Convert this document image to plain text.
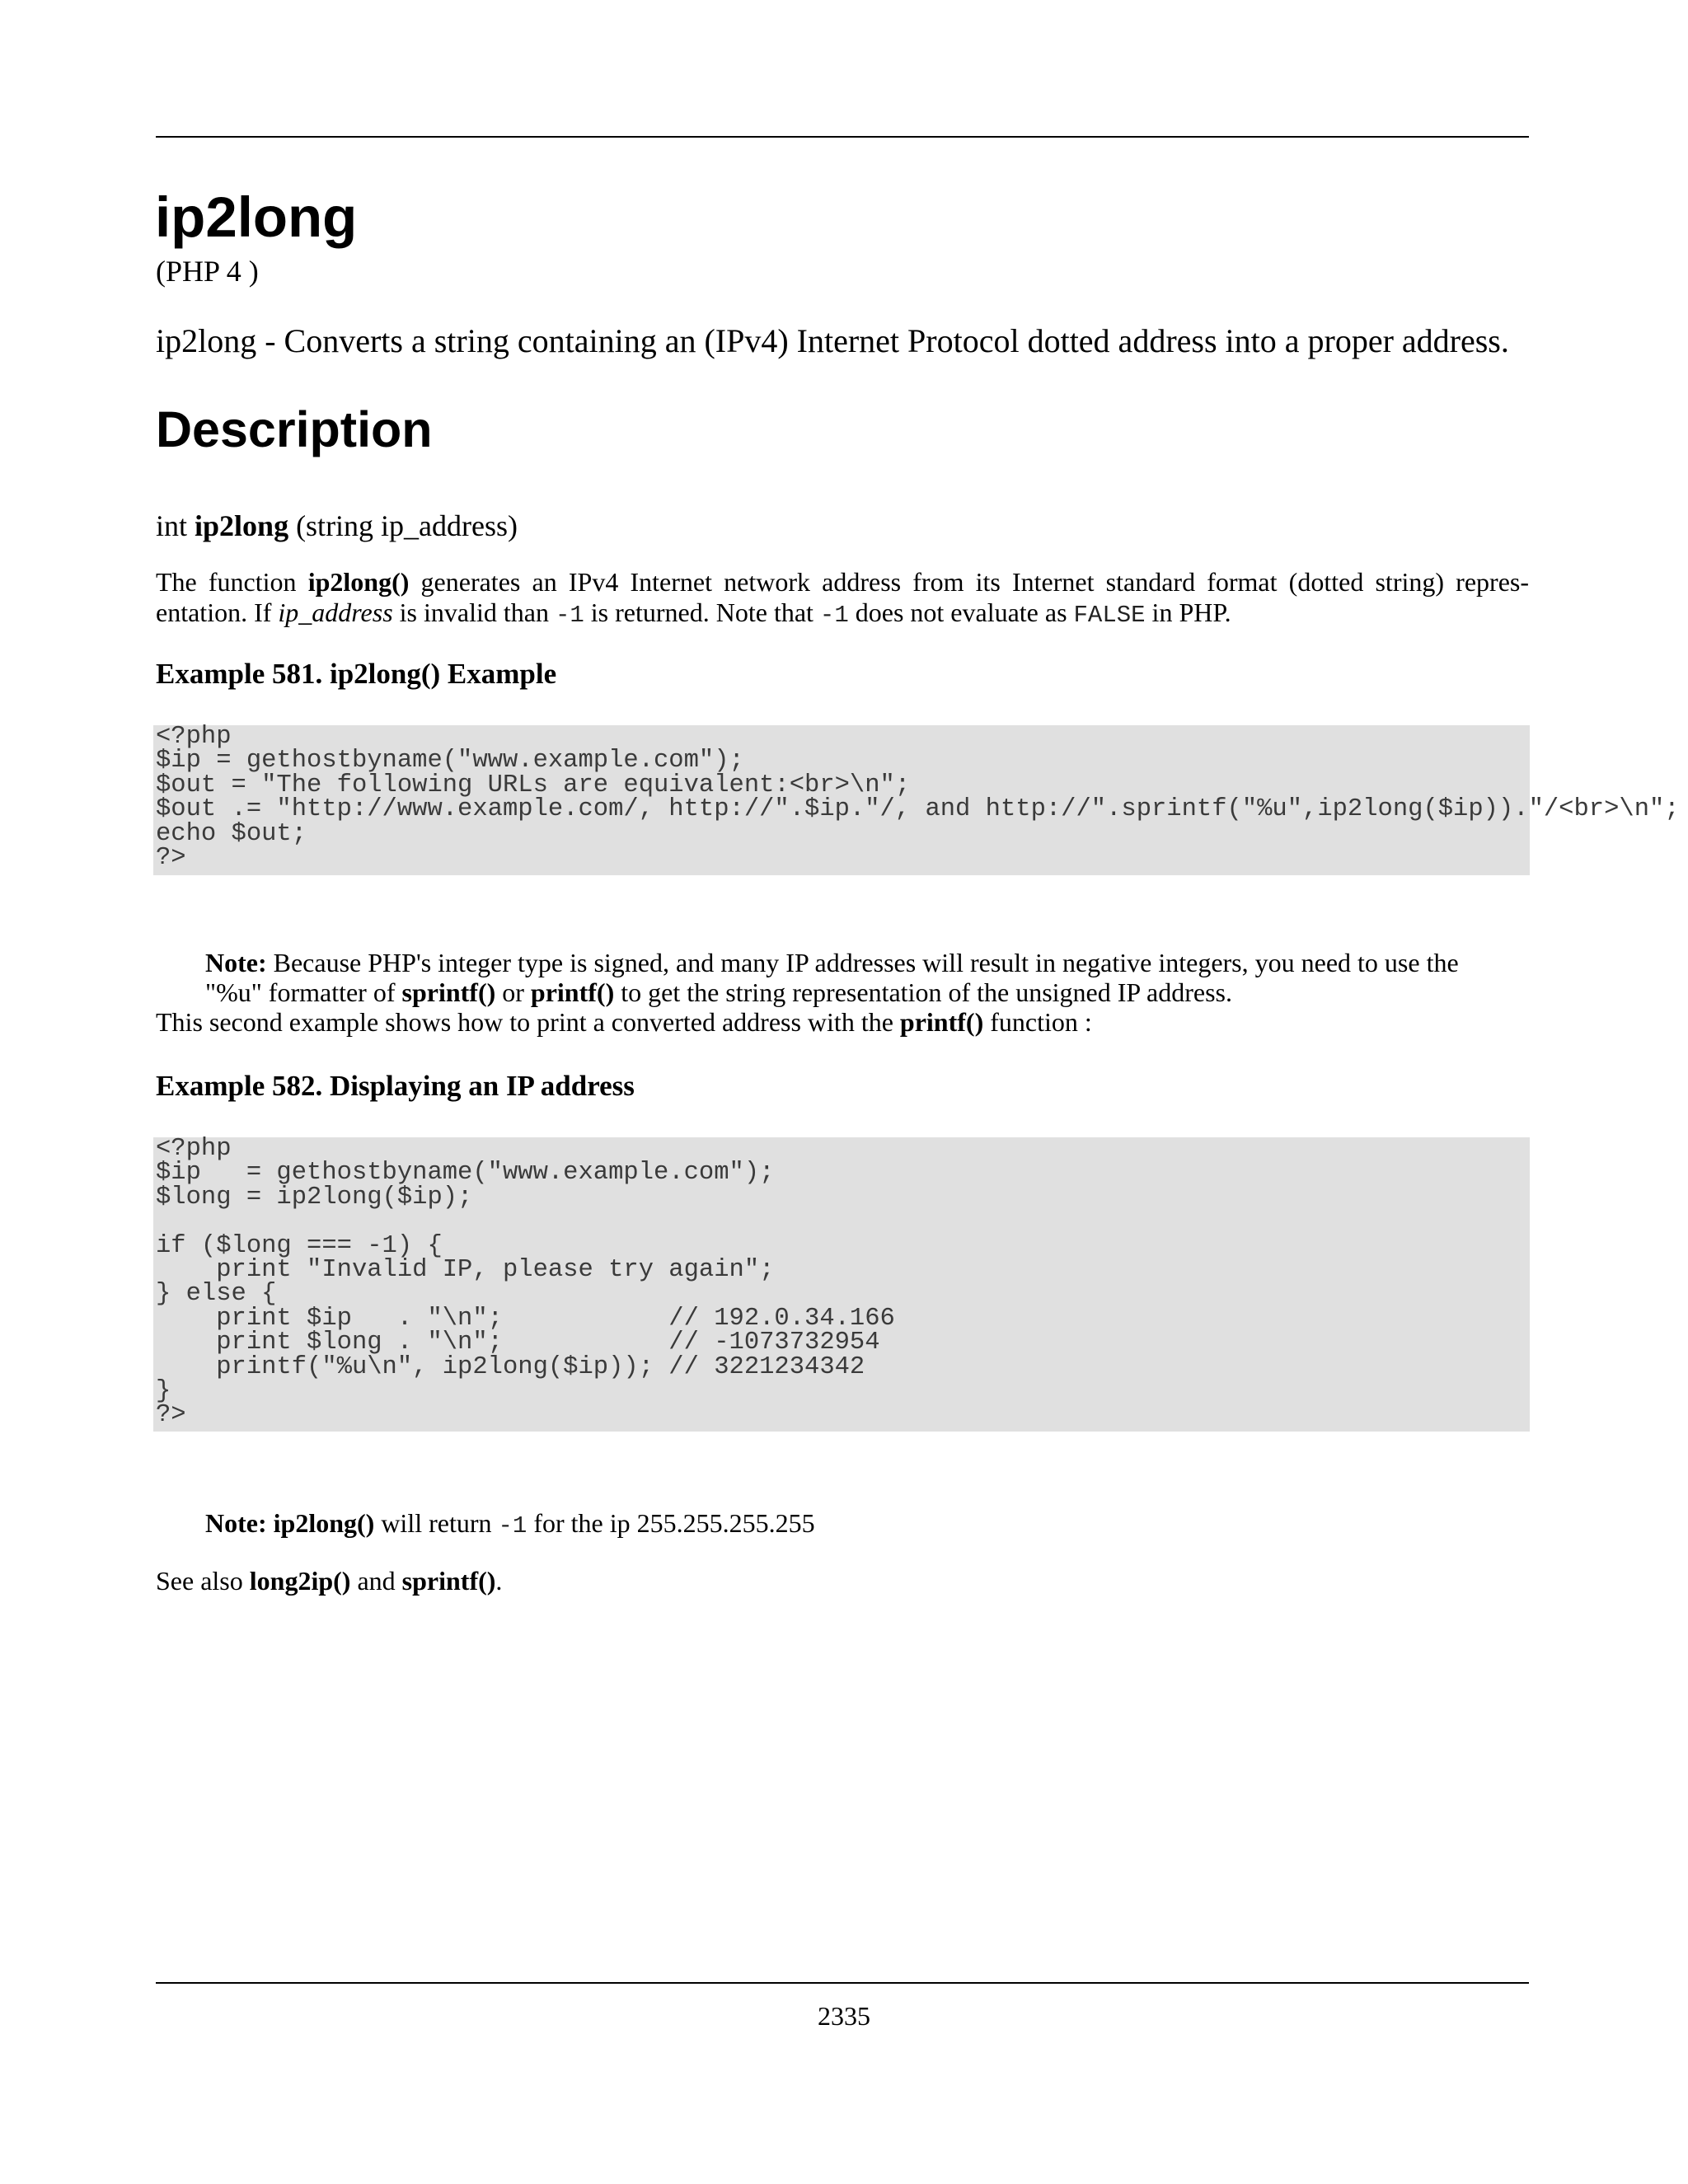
ip2long
(PHP 4 )
ip2long - Converts a string containing an (IPv4) Internet Protocol dotted address into a proper address.
Description
int ip2long (string ip_address)
The function ip2long() generates an IPv4 Internet network address from its Internet standard format (dotted string) repres-entation. If ip_address is invalid than -1 is returned. Note that -1 does not evaluate as FALSE in PHP.
Example 581. ip2long() Example
<?php
$ip = gethostbyname("www.example.com");
$out = "The following URLs are equivalent:<br>\n";
$out .= "http://www.example.com/, http://".$ip."/, and http://".sprintf("%u",ip2long($ip))."/<br>\n";
echo $out;
?>
Note: Because PHP's integer type is signed, and many IP addresses will result in negative integers, you need to use the "%u" formatter of sprintf() or printf() to get the string representation of the unsigned IP address.
This second example shows how to print a converted address with the printf() function :
Example 582. Displaying an IP address
<?php
$ip   = gethostbyname("www.example.com");
$long = ip2long($ip);

if ($long === -1) {
print "Invalid IP, please try again";
} else {
print $ip   . "\n";           // 192.0.34.166
print $long . "\n";           // -1073732954
printf("%u\n", ip2long($ip)); // 3221234342
}
?>
Note: ip2long() will return -1 for the ip 255.255.255.255
See also long2ip() and sprintf().
2335
